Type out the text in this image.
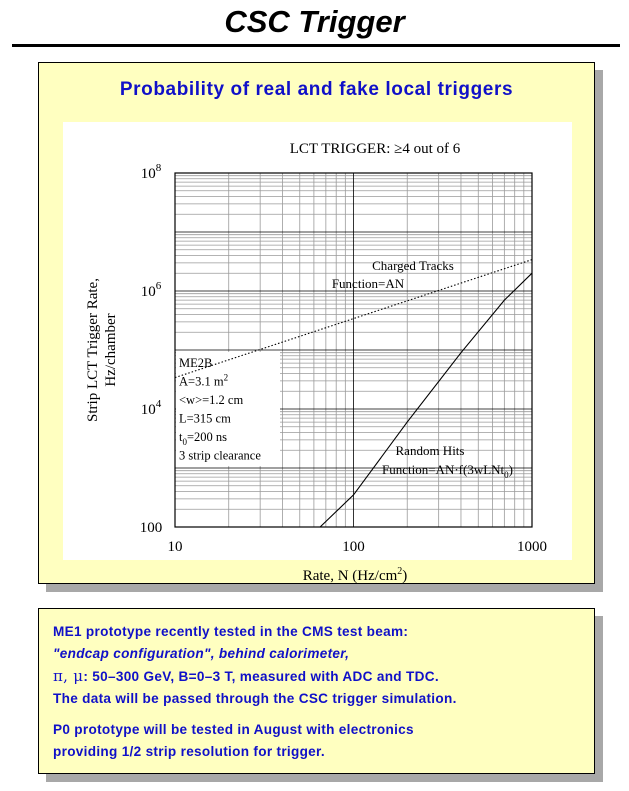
CSC Trigger
Probability of real and fake local triggers
LCT TRIGGER: ≥4 out of 6
10	100	1000
100
$10^4$
$10^6$
$10^8$
Rate, N $(Hz/cm^2)$
Strip LCT Trigger Rate, Hz/chamber
Charged Tracks
Function=AN
Random Hits
Function=AN·f(3wLNt$_0$)
ME2B
A=3.1 $m^2$
<w>=1.2 cm
L=315 cm
$t_0=200$ ns
3 strip clearance
ME1 prototype recently tested in the CMS test beam:
"endcap configuration", behind calorimeter,
π, μ: 50–300 GeV, B=0–3 T, measured with ADC and TDC.
The data will be passed through the CSC trigger simulation.
P0 prototype will be tested in August with electronics
providing 1/2 strip resolution for trigger.
